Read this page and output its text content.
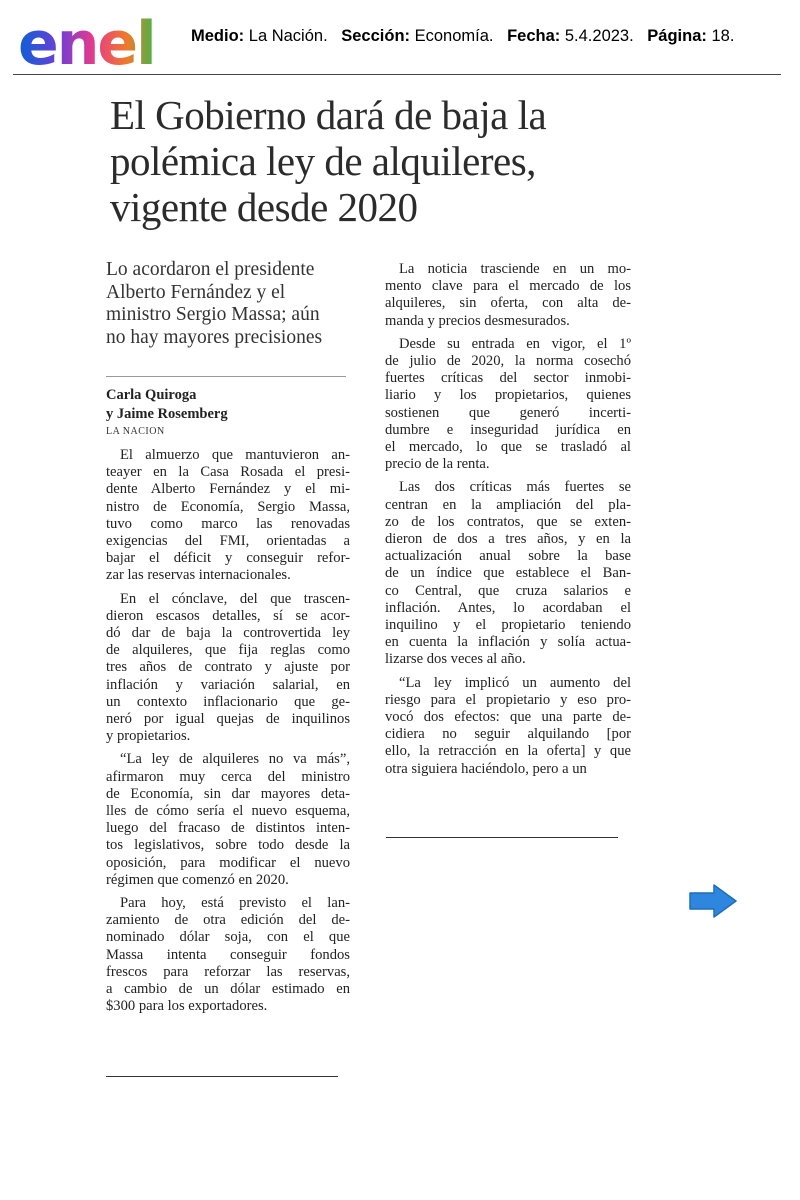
enel Medio: La Nación. Sección: Economía. Fecha: 5.4.2023. Página: 18.
El Gobierno dará de baja la
polémica ley de alquileres,
vigente desde 2020
Lo acordaron el presidente
Alberto Fernández y el
ministro Sergio Massa; aún
no hay mayores precisiones
Carla Quiroga
y Jaime Rosemberg
LA NACION
El almuerzo que mantuvieron an-
teayer en la Casa Rosada el presi-
dente Alberto Fernández y el mi-
nistro de Economía, Sergio Massa,
tuvo como marco las renovadas
exigencias del FMI, orientadas a
bajar el déficit y conseguir refor-
zar las reservas internacionales.
En el cónclave, del que trascen-
dieron escasos detalles, sí se acor-
dó dar de baja la controvertida ley
de alquileres, que fija reglas como
tres años de contrato y ajuste por
inflación y variación salarial, en
un contexto inflacionario que ge-
neró por igual quejas de inquilinos
y propietarios.
“La ley de alquileres no va más”,
afirmaron muy cerca del ministro
de Economía, sin dar mayores deta-
lles de cómo sería el nuevo esquema,
luego del fracaso de distintos inten-
tos legislativos, sobre todo desde la
oposición, para modificar el nuevo
régimen que comenzó en 2020.
Para hoy, está previsto el lan-
zamiento de otra edición del de-
nominado dólar soja, con el que
Massa intenta conseguir fondos
frescos para reforzar las reservas,
a cambio de un dólar estimado en
$300 para los exportadores.
La noticia trasciende en un mo-
mento clave para el mercado de los
alquileres, sin oferta, con alta de-
manda y precios desmesurados.
Desde su entrada en vigor, el 1º
de julio de 2020, la norma cosechó
fuertes críticas del sector inmobi-
liario y los propietarios, quienes
sostienen que generó incerti-
dumbre e inseguridad jurídica en
el mercado, lo que se trasladó al
precio de la renta.
Las dos críticas más fuertes se
centran en la ampliación del pla-
zo de los contratos, que se exten-
dieron de dos a tres años, y en la
actualización anual sobre la base
de un índice que establece el Ban-
co Central, que cruza salarios e
inflación. Antes, lo acordaban el
inquilino y el propietario teniendo
en cuenta la inflación y solía actua-
lizarse dos veces al año.
“La ley implicó un aumento del
riesgo para el propietario y eso pro-
vocó dos efectos: que una parte de-
cidiera no seguir alquilando [por
ello, la retracción en la oferta] y que
otra siguiera haciéndolo, pero a un
